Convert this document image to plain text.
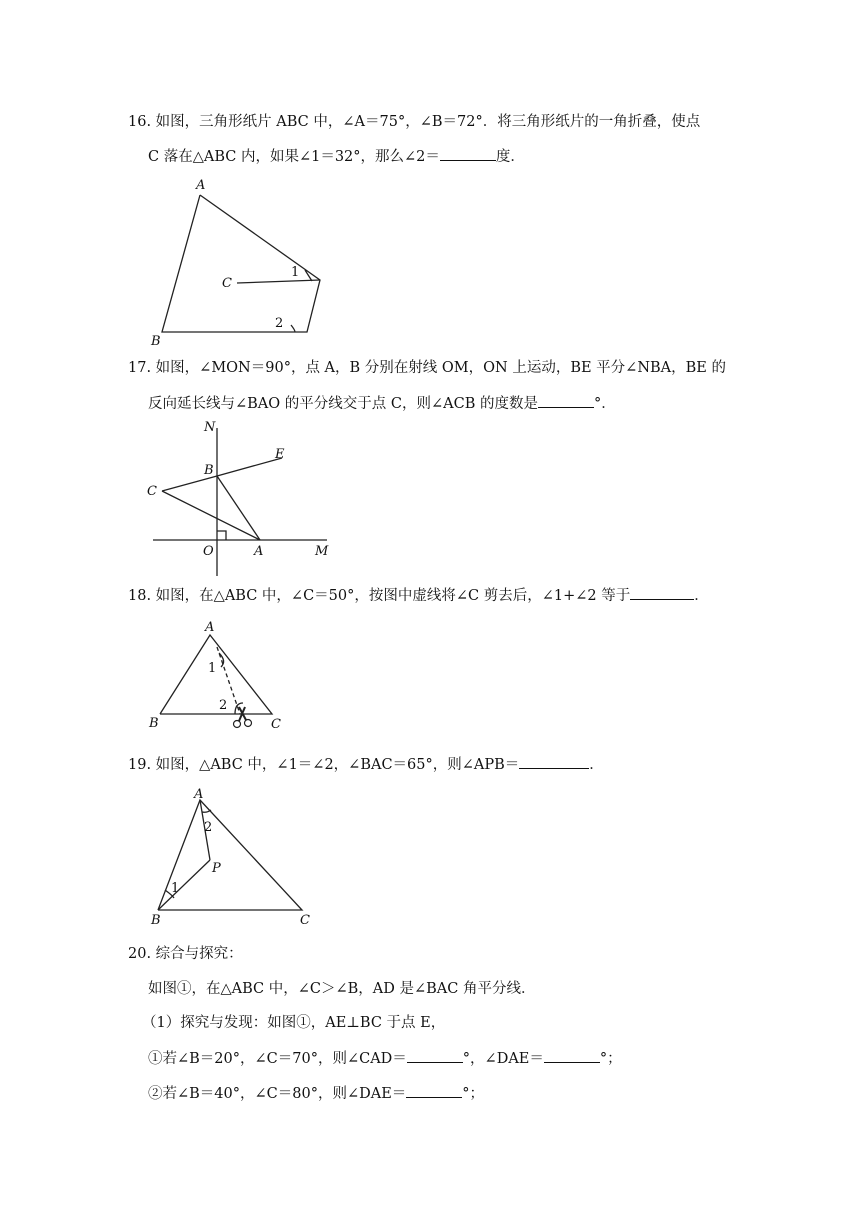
16. 如图，三角形纸片 ABC 中，∠A＝75°，∠B＝72°．将三角形纸片的一角折叠，使点
C 落在△ABC 内，如果∠1＝32°，那么∠2＝	度．
A
B
C
1
2
17. 如图，∠MON＝90°，点 A，B 分别在射线 OM，ON 上运动，BE 平分∠NBA，BE 的
反向延长线与∠BAO 的平分线交于点 C，则∠ACB 的度数是	°．
N
E
B
C
O	A	M
18. 如图，在△ABC 中，∠C＝50°，按图中虚线将∠C 剪去后，∠1+∠2 等于	．
A
B	C
1
2
19. 如图，△ABC 中，∠1＝∠2，∠BAC＝65°，则∠APB＝	．
A
2
P
1
B	C
20. 综合与探究：
如图①，在△ABC 中，∠C＞∠B，AD 是∠BAC 角平分线．
（1）探究与发现：如图①，AE⊥BC 于点 E，
①若∠B＝20°，∠C＝70°，则∠CAD＝	°，∠DAE＝	°；
②若∠B＝40°，∠C＝80°，则∠DAE＝	°；
